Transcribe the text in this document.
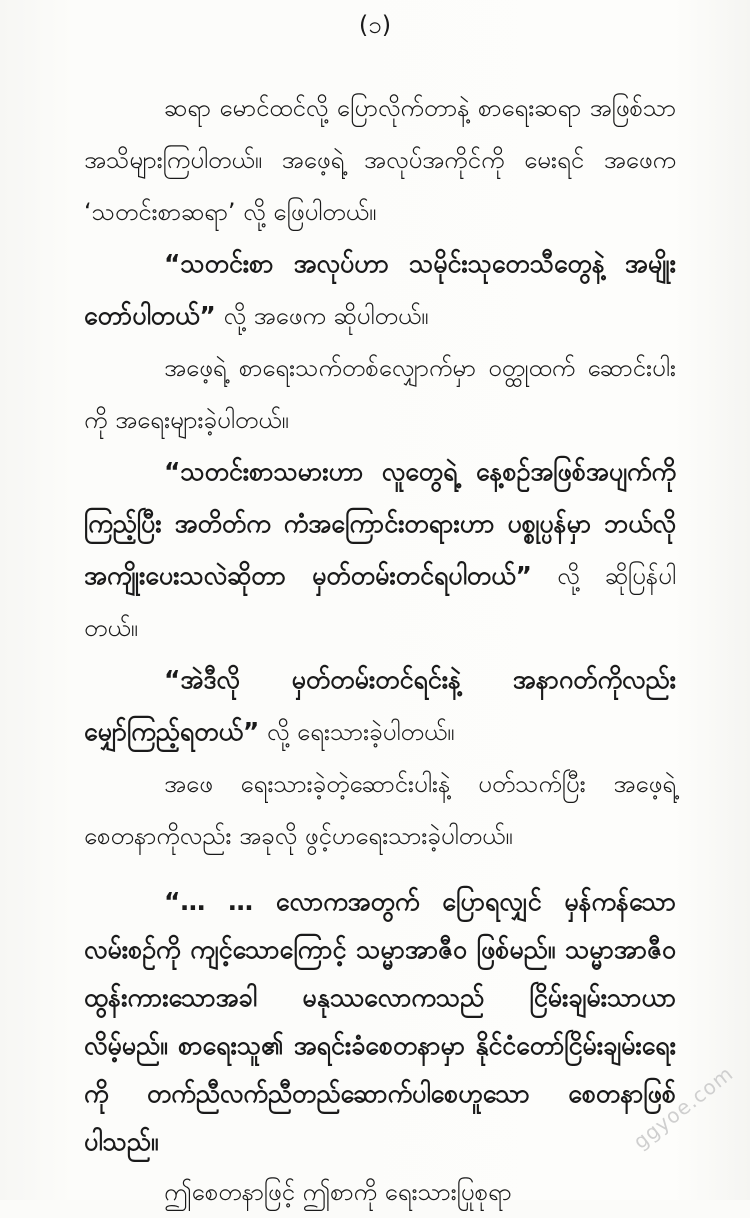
(၁)

ဆရာ မောင်ထင်လို့ ပြောလိုက်တာနဲ့ စာရေးဆရာ အဖြစ်သာ အသိများကြပါတယ်။ အဖေ့ရဲ့ အလုပ်အကိုင်ကို မေးရင် အဖေက ‘သတင်းစာဆရာ’ လို့ ဖြေပါတယ်။

“သတင်းစာ အလုပ်ဟာ သမိုင်းသုတေသီတွေနဲ့ အမျိုးတော်ပါတယ်” လို့ အဖေက ဆိုပါတယ်။

အဖေ့ရဲ့ စာရေးသက်တစ်လျှောက်မှာ ဝတ္ထုထက် ဆောင်းပါးကို အရေးများခဲ့ပါတယ်။

“သတင်းစာသမားဟာ လူတွေရဲ့ နေ့စဉ်အဖြစ်အပျက်ကိုကြည့်ပြီး အတိတ်က ကံအကြောင်းတရားဟာ ပစ္စုပ္ပန်မှာ ဘယ်လို အကျိုးပေးသလဲဆိုတာ မှတ်တမ်းတင်ရပါတယ်” လို့ ဆိုပြန်ပါတယ်။

“အဲဒီလို မှတ်တမ်းတင်ရင်းနဲ့ အနာဂတ်ကိုလည်း မျှော်ကြည့်ရတယ်” လို့ ရေးသားခဲ့ပါတယ်။

အဖေ ရေးသားခဲ့တဲ့ဆောင်းပါးနဲ့ ပတ်သက်ပြီး အဖေ့ရဲ့စေတနာကိုလည်း အခုလို ဖွင့်ဟရေးသားခဲ့ပါတယ်။

“… … လောကအတွက် ပြောရလျှင် မှန်ကန်သောလမ်းစဉ်ကို ကျင့်သောကြောင့် သမ္မာအာဇီဝ ဖြစ်မည်။ သမ္မာအာဇီဝ ထွန်းကားသောအခါ မနုဿလောကသည် ငြိမ်းချမ်းသာယာလိမ့်မည်။ စာရေးသူ၏ အရင်းခံစေတနာမှာ နိုင်ငံတော်ငြိမ်းချမ်းရေးကို တက်ညီလက်ညီတည်ဆောက်ပါစေဟူသော စေတနာဖြစ်ပါသည်။

ဤစေတနာဖြင့် ဤစာကို ရေးသားပြုစုရာ

ggyoe.com
